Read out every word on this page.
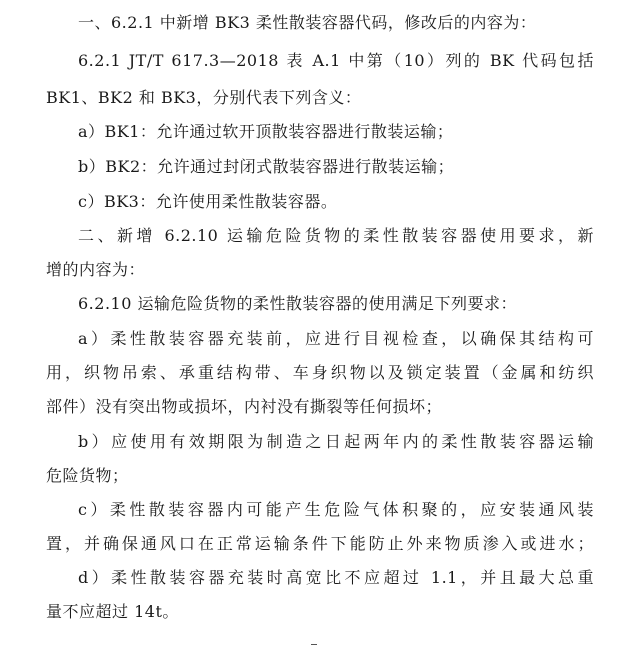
一、6.2.1 中新增 BK3 柔性散装容器代码，修改后的内容为：
6.2.1 JT/T 617.3—2018 表 A.1 中第（10）列的 BK 代码包括
BK1、BK2 和 BK3，分别代表下列含义：
a）BK1：允许通过软开顶散装容器进行散装运输；
b）BK2：允许通过封闭式散装容器进行散装运输；
c）BK3：允许使用柔性散装容器。
二、新增 6.2.10 运输危险货物的柔性散装容器使用要求，新
增的内容为：
6.2.10 运输危险货物的柔性散装容器的使用满足下列要求：
a）柔性散装容器充装前，应进行目视检查，以确保其结构可
用，织物吊索、承重结构带、车身织物以及锁定装置（金属和纺织
部件）没有突出物或损坏，内衬没有撕裂等任何损坏；
b）应使用有效期限为制造之日起两年内的柔性散装容器运输
危险货物；
c）柔性散装容器内可能产生危险气体积聚的，应安装通风装
置，并确保通风口在正常运输条件下能防止外来物质渗入或进水；
d）柔性散装容器充装时高宽比不应超过 1.1，并且最大总重
量不应超过 14t。
